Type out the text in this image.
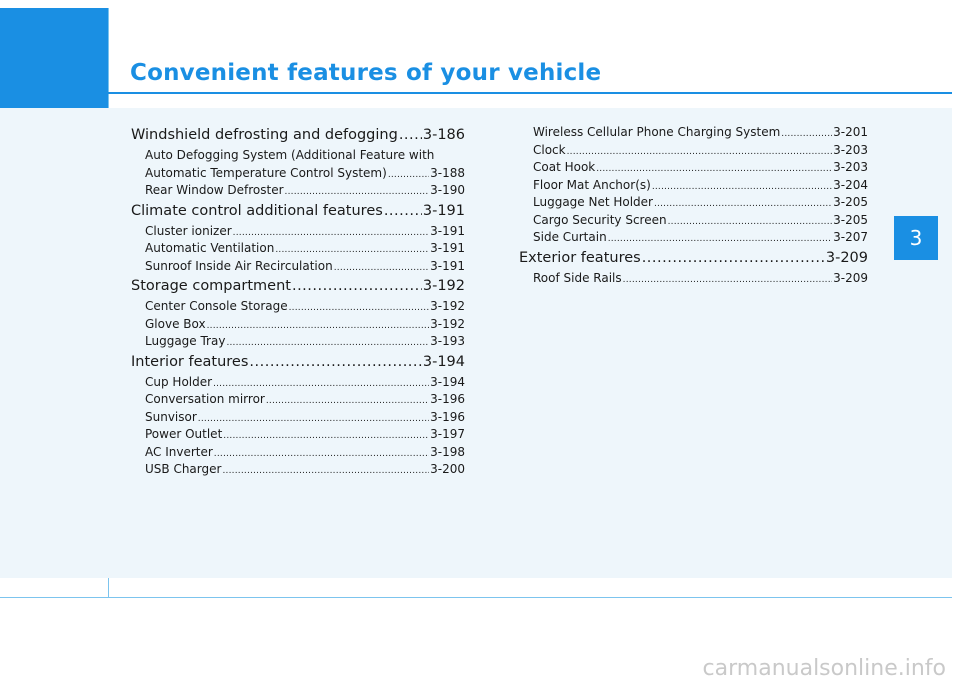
Convenient features of your vehicle
3
Windshield defrosting and defogging ..... 3-186
Auto Defogging System (Additional Feature with
Automatic Temperature Control System) .....	3-188
Rear Window Defroster .....	3-190
Climate control additional features .....	3-191
Cluster ionizer .....	3-191
Automatic Ventilation .....	3-191
Sunroof Inside Air Recirculation .....	3-191
Storage compartment .....	3-192
Center Console Storage .....	3-192
Glove Box .....	3-192
Luggage Tray .....	3-193
Interior features .....	3-194
Cup Holder .....	3-194
Conversation mirror .....	3-196
Sunvisor .....	3-196
Power Outlet .....	3-197
AC Inverter .....	3-198
USB Charger .....	3-200
Wireless Cellular Phone Charging System .....	3-201
Clock .....	3-203
Coat Hook .....	3-203
Floor Mat Anchor(s) .....	3-204
Luggage Net Holder .....	3-205
Cargo Security Screen .....	3-205
Side Curtain .....	3-207
Exterior features .....	3-209
Roof Side Rails .....	3-209
carmanualsonline.info
